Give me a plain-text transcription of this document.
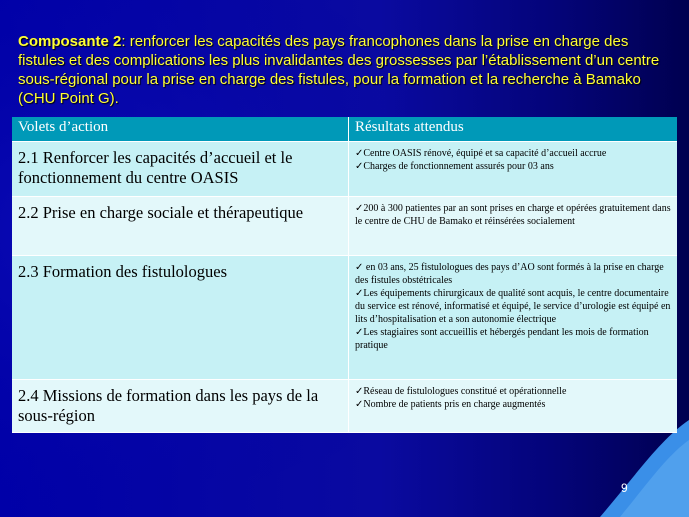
Composante 2: renforcer les capacités des pays francophones dans la prise en charge des fistules et des complications les plus invalidantes des grossesses par l’établissement d’un centre sous-régional pour la prise en charge des fistules, pour la formation et la recherche à Bamako (CHU Point G).
Volets d’action	Résultats attendus
2.1 Renforcer les capacités d’accueil et le fonctionnement du centre OASIS	✓Centre OASIS rénové, équipé et sa capacité d’accueil accrue
✓Charges de fonctionnement assurés pour 03 ans

2.2 Prise en charge sociale et thérapeutique	✓200 à 300 patientes par an sont prises en charge et opérées gratuitement dans le centre de CHU de Bamako et réinsérées socialement

2.3 Formation des fistulologues	✓ en 03 ans, 25 fistulologues des pays d’AO sont formés à la prise en charge des fistules obstétricales
✓Les équipements chirurgicaux de qualité sont acquis, le centre documentaire du service est rénové, informatisé et équipé, le service d’urologie est équipé en lits d’hospitalisation et a son autonomie électrique
✓Les stagiaires sont accueillis et hébergés pendant les mois de formation pratique

2.4 Missions de formation dans les pays de la sous-région	✓Réseau de fistulologues constitué et opérationnelle
✓Nombre de patients pris en charge augmentés
9
